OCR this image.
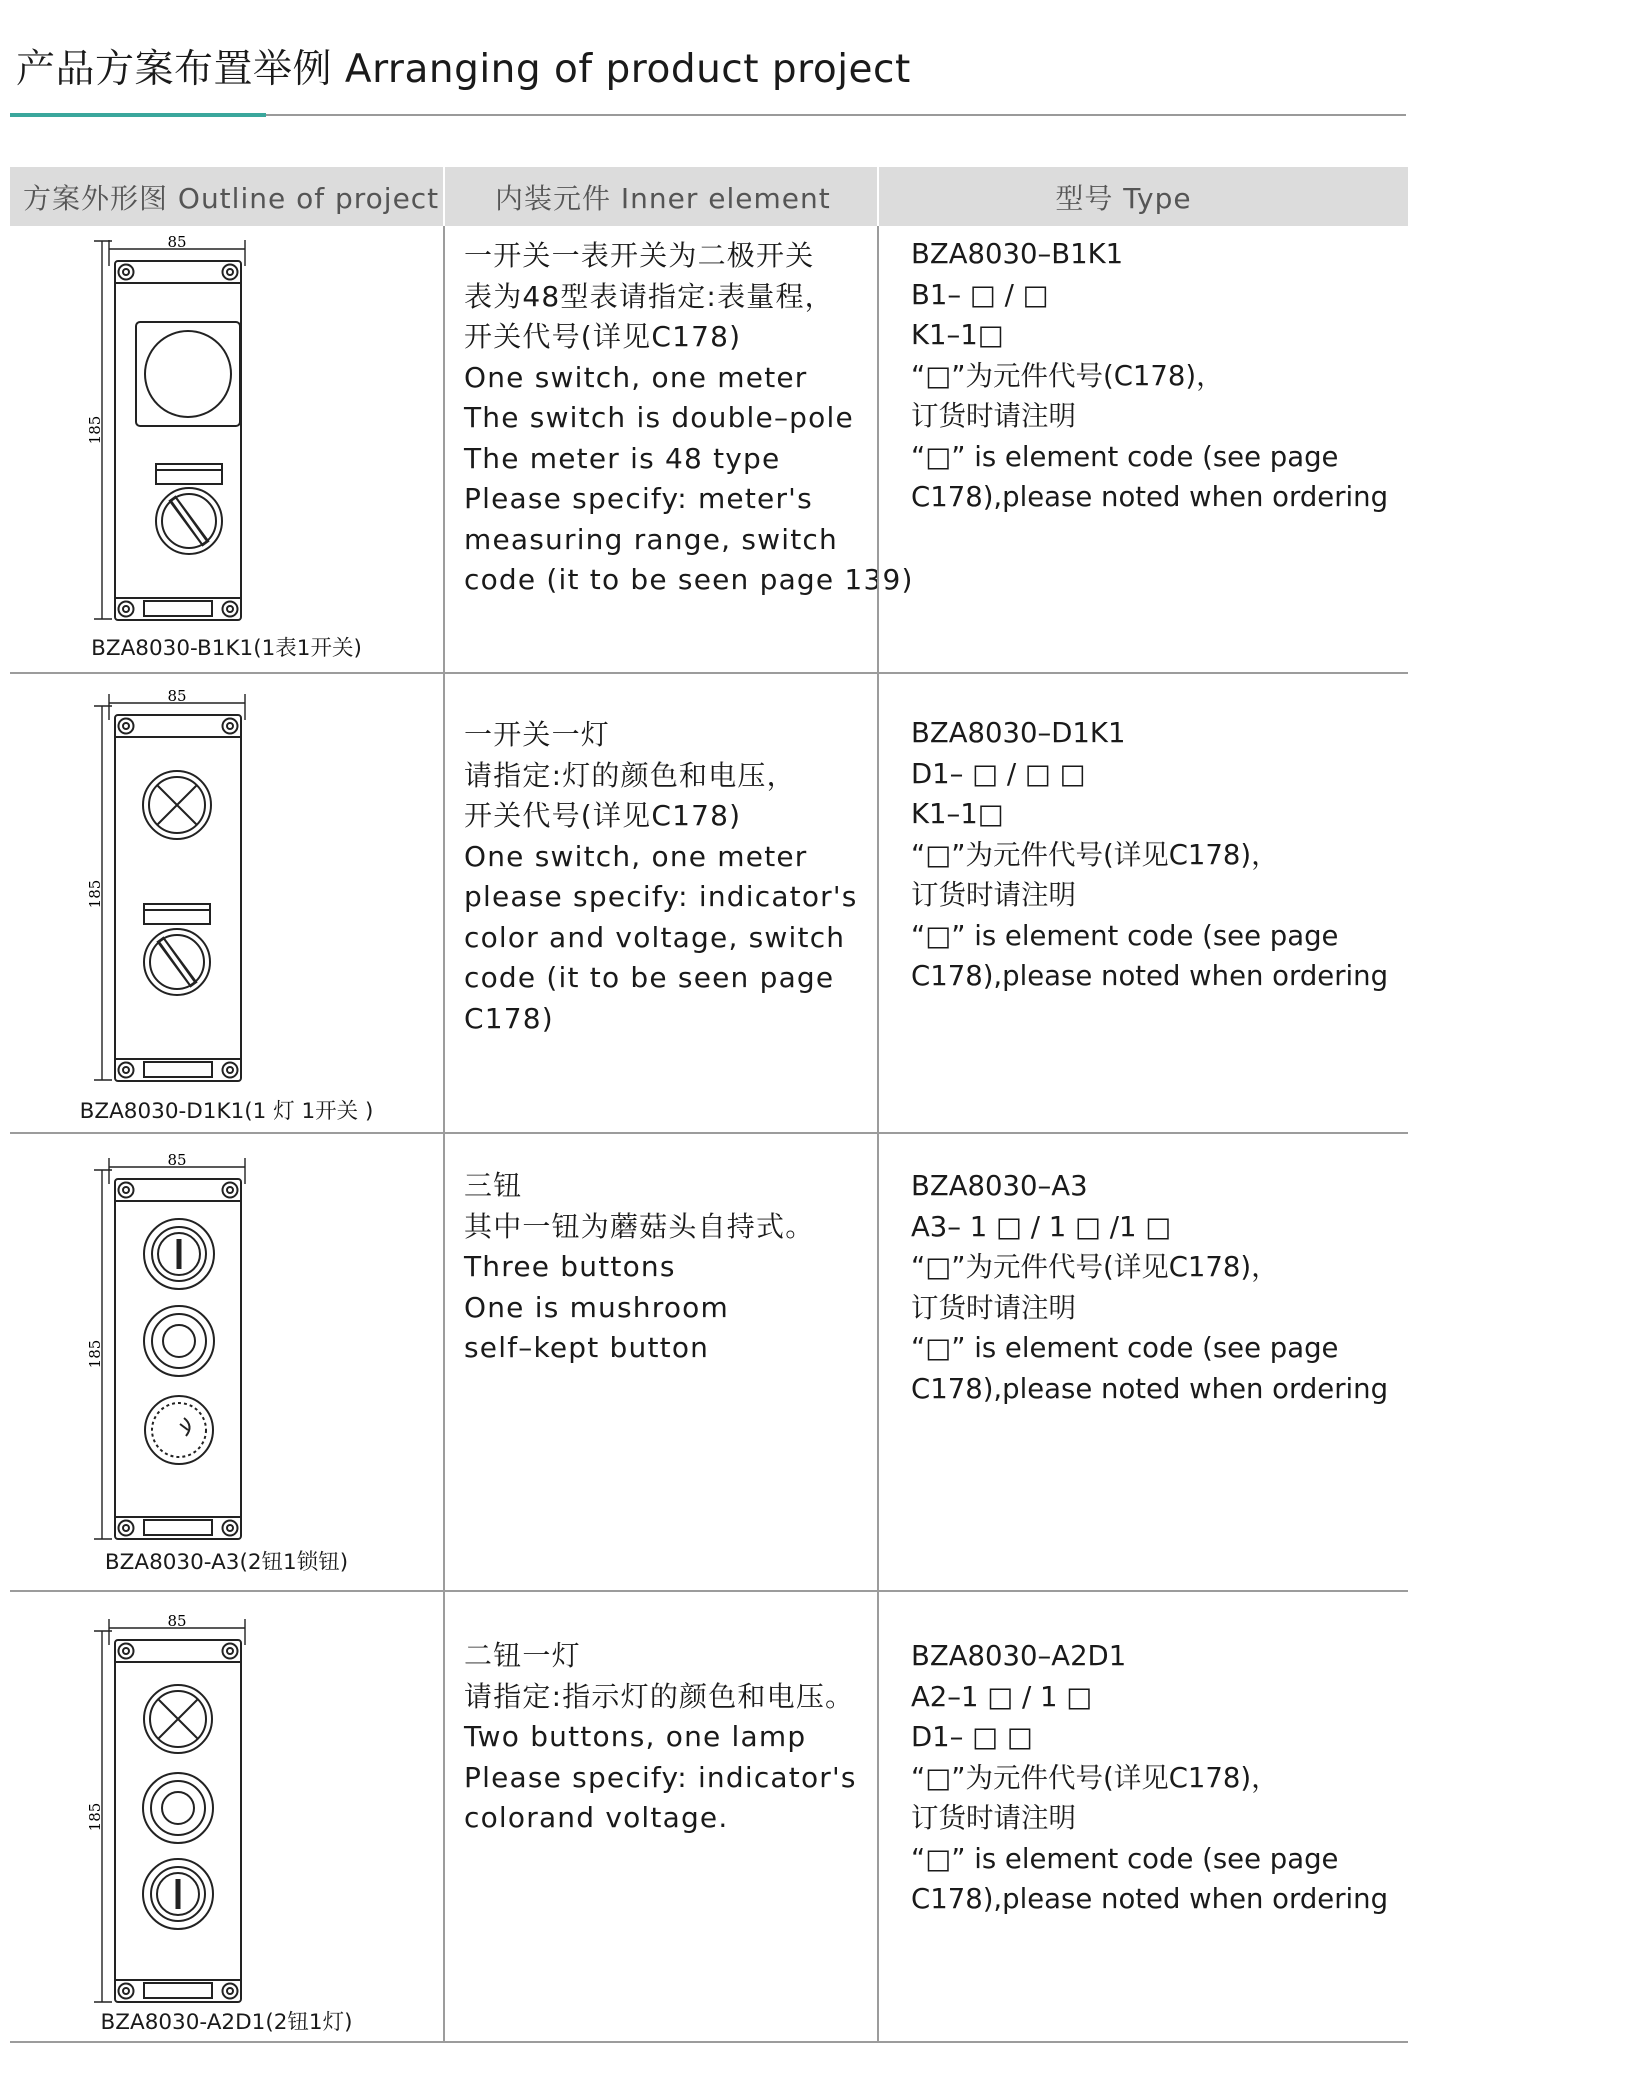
产品方案布置举例 Arranging of product project
方案外形图 Outline of project	内装元件 Inner element	型号 Type
85
185
BZA8030-B1K1(1表1开关)
一开关一表开关为二极开关
表为48型表请指定:表量程，
开关代号(详见C178)
One switch, one meter
The switch is double–pole
The meter is 48 type
Please specify: meter's
measuring range, switch
code (it to be seen page 139)
BZA8030–B1K1
B1– □ / □
K1–1□
“□”为元件代号(C178)，
订货时请注明
“□” is element code (see page
C178),please noted when ordering
85
185
BZA8030-D1K1(1 灯 1开关 )
一开关一灯
请指定:灯的颜色和电压，
开关代号(详见C178)
One switch, one meter
please specify: indicator's
color and voltage, switch
code (it to be seen page
C178)
BZA8030–D1K1
D1– □ / □ □
K1–1□
“□”为元件代号(详见C178)，
订货时请注明
“□” is element code (see page
C178),please noted when ordering
85
185
BZA8030-A3(2钮1锁钮)
三钮
其中一钮为蘑菇头自持式。
Three buttons
One is mushroom
self–kept button
BZA8030–A3
A3– 1 □ / 1 □ /1 □
“□”为元件代号(详见C178)，
订货时请注明
“□” is element code (see page
C178),please noted when ordering
85
185
BZA8030-A2D1(2钮1灯)
二钮一灯
请指定:指示灯的颜色和电压。
Two buttons, one lamp
Please specify: indicator's
colorand voltage.
BZA8030–A2D1
A2–1 □ / 1 □
D1– □ □
“□”为元件代号(详见C178)，
订货时请注明
“□” is element code (see page
C178),please noted when ordering
